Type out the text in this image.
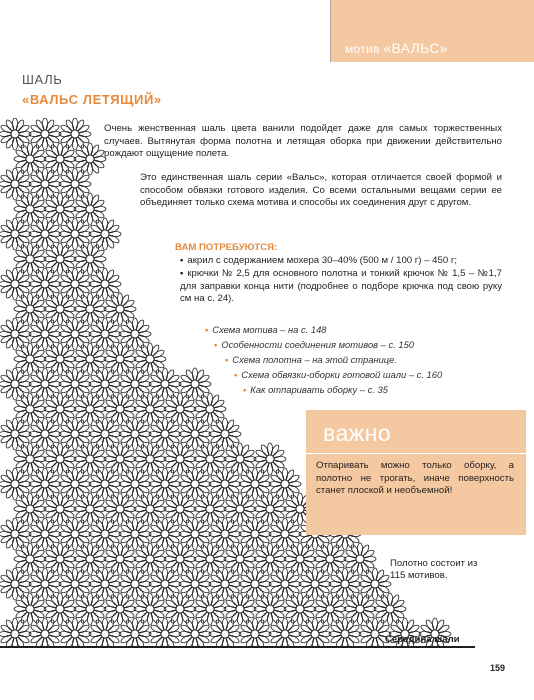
мотив «ВАЛЬС»
ШАЛЬ
«ВАЛЬС ЛЕТЯЩИЙ»
Очень женственная шаль цвета ванили подойдет даже для самых торжественных случаев. Вытянутая форма полотна и летящая оборка при движении действительно рождают ощущение полета.
Это единственная шаль серии «Вальс», которая отличается своей формой и способом обвязки готового изделия. Со всеми остальными вещами серии ее объединяет только схема мотива и способы их соединения друг с другом.
ВАМ ПОТРЕБУЮТСЯ:
• акрил с содержанием мохера 30–40% (500 м / 100 г) – 450 г;
• крючки № 2,5 для основного полотна и тонкий крючок № 1,5 – №1,7 для заправки конца нити (подробнее о подборе крючка под свою руку см на с. 24).
• Схема мотива – на с. 148
• Особенности соединения мотивов – с. 150
• Схема полотна – на этой странице.
• Схема обвязки-оборки готовой шали – с. 160
• Как отпаривать оборку – с. 35
важно
Отпаривать можно только оборку, а полотно не трогать, иначе поверхность станет плоской и необъемной!
Полотно состоит из 115 мотивов.
Середина шали
159
